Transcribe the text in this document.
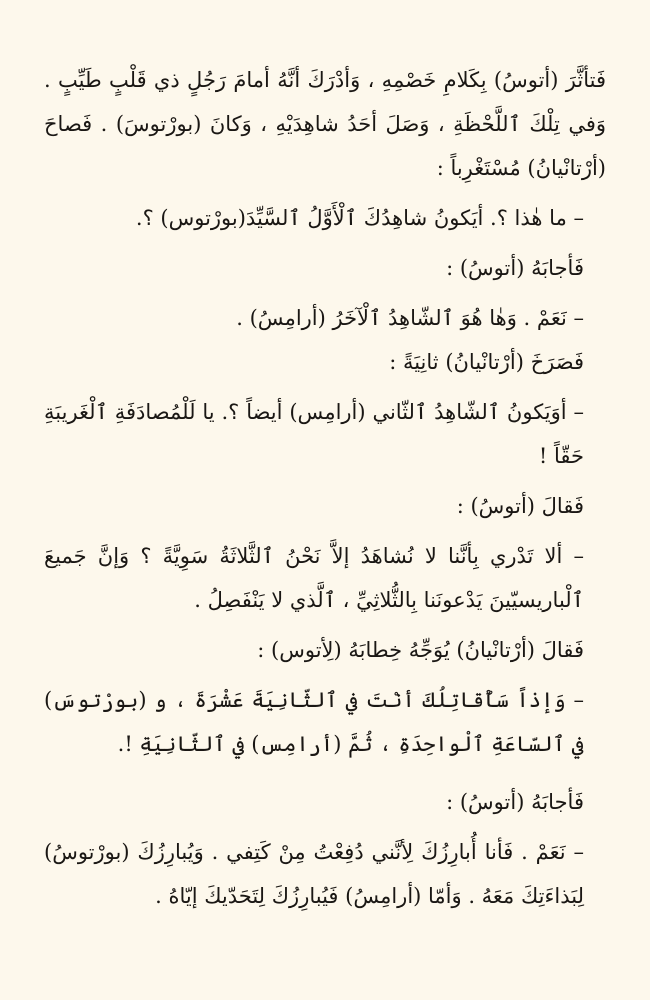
فَتأثَّرَ (أتوسُ) بِكَلامِ خَصْمِهِ ، وَأدْرَكَ أنَّهُ أمامَ رَجُلٍ ذي قَلْبٍ طَيِّبٍ . وَفي تِلْكَ ٱللَّحْظَةِ ، وَصَلَ أحَدُ شاهِدَيْهِ ، وَكانَ (بورْتوسَ) . فَصاحَ (أرْتانْيانُ) مُسْتَغْرِباً :

– ما هٰذا ؟. أيَكونُ شاهِدُكَ ٱلْأَوَّلُ ٱلسَّيِّدَ(بورْتوس) ؟.

فَأجابَهُ (أتوسُ) :

– نَعَمْ . وَهٰا هُوَ ٱلشّاهِدُ ٱلْآخَرُ (أرامِسُ) .

فَصَرَخَ (أرْتانْيانُ) ثانِيَةً :

– أوَيَكونُ ٱلشّاهِدُ ٱلثّاني (أرامِس) أيضاً ؟. يا لَلْمُصادَفَةِ ٱلْغَريبَةِ حَقّاً !

فَقالَ (أتوسُ) :

– ألا تَدْري بِأنَّنا لا نُشاهَدُ إلاَّ نَحْنُ ٱلثَّلاثَةُ سَوِيَّةً ؟ وَإنَّ جَميعَ ٱلْباريسيّينَ يَدْعونَنا بِالثُّلاثِيِّ ، ٱلَّذي لا يَنْفَصِلُ .

فَقالَ (أرْتانْيانُ) يُوَجِّهُ خِطابَهُ (لِأتوس) :

– وَإذاً سَأُقاتِلُكَ أنْتَ في ٱلثّانِيَةَ عَشْرَةَ ، و (بورْتوسَ) في ٱلسّاعَةِ ٱلْواحِدَةِ ، ثُمَّ (أرامِس) في ٱلثّانِيَةِ !.

فَأجابَهُ (أتوسُ) :

– نَعَمْ . فَأنا أُبارِزُكَ لِأنَّني دُفِعْتُ مِنْ كَتِفي . وَيُبارِزُكَ (بورْتوسُ) لِبَذاءَتِكَ مَعَهُ . وَأمّا (أرامِسُ) فَيُبارِزُكَ لِتَحَدّيكَ إيّاهُ .
